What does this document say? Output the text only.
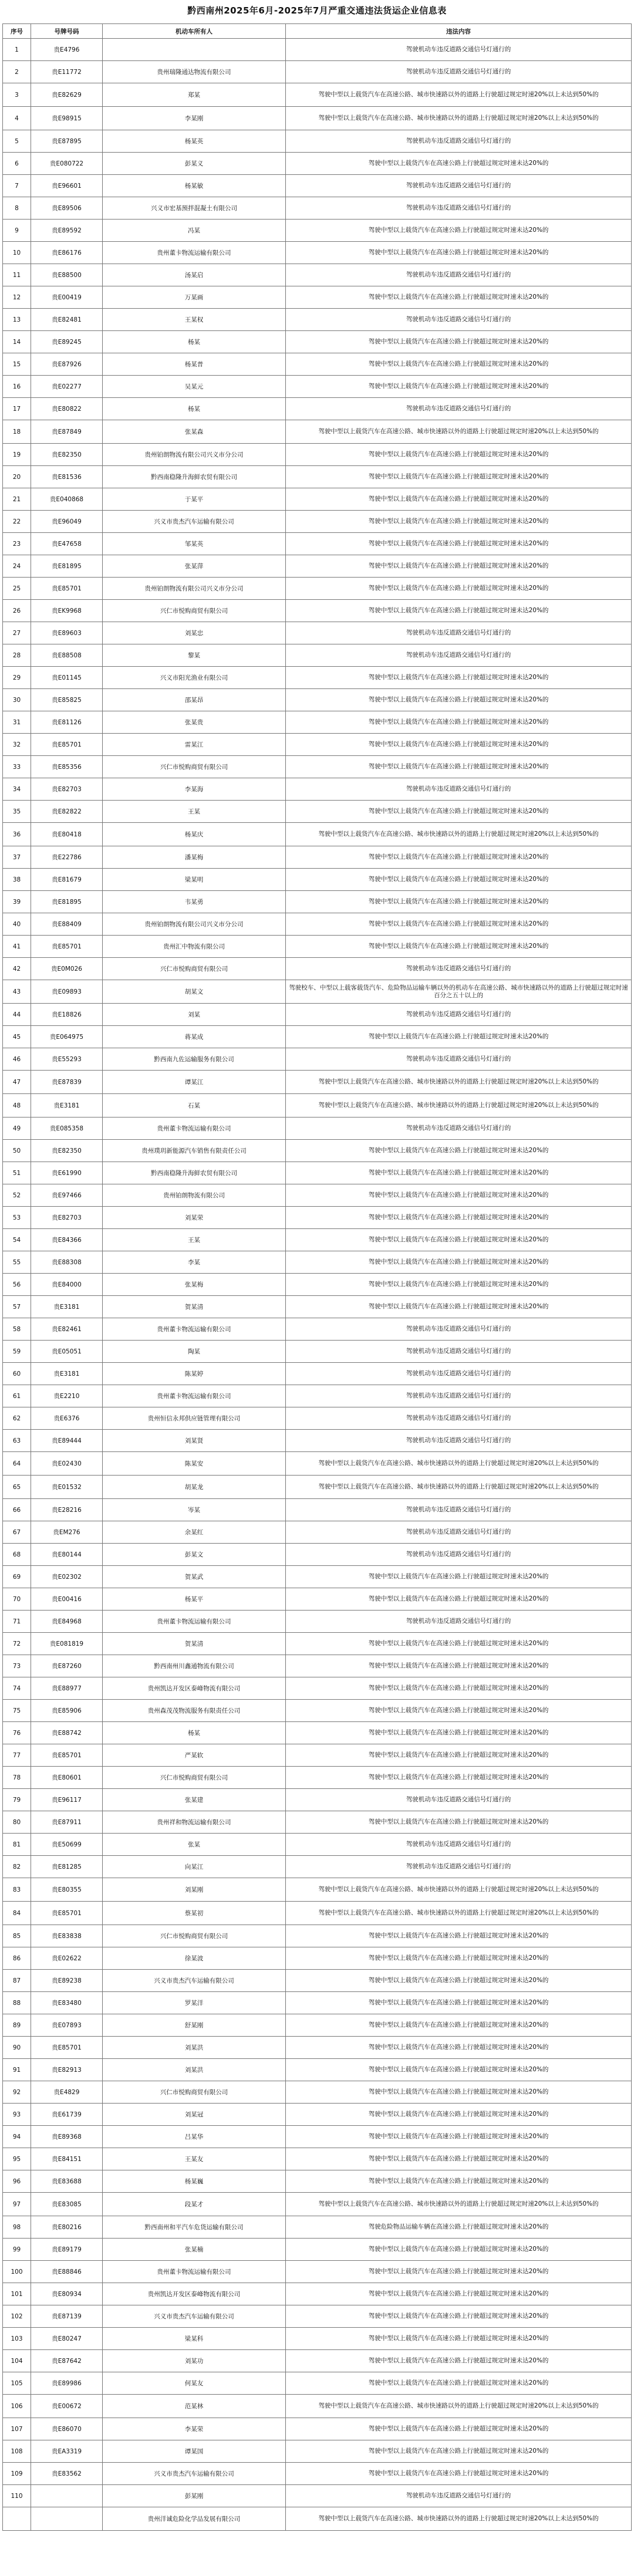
黔西南州2025年6月-2025年7月严重交通违法货运企业信息表
序号	号牌号码	机动车所有人	违法内容
1	贵E4796		驾驶机动车违反道路交通信号灯通行的
2	贵E11772	贵州瑞隆通达物流有限公司	驾驶机动车违反道路交通信号灯通行的
3	贵E82629	郑某	驾驶中型以上载货汽车在高速公路、城市快速路以外的道路上行驶超过规定时速20%以上未达到50%的
4	贵E98915	李某刚	驾驶中型以上载货汽车在高速公路、城市快速路以外的道路上行驶超过规定时速20%以上未达到50%的
5	贵E87895	杨某英	驾驶机动车违反道路交通信号灯通行的
6	贵E080722	彭某义	驾驶中型以上载货汽车在高速公路上行驶超过规定时速未达20%的
7	贵E96601	杨某敏	驾驶机动车违反道路交通信号灯通行的
8	贵E89506	兴义市宏基预拌混凝土有限公司	驾驶机动车违反道路交通信号灯通行的
9	贵E89592	冯某	驾驶中型以上载货汽车在高速公路上行驶超过规定时速未达20%的
10	贵E86176	贵州董卡物流运输有限公司	驾驶中型以上载货汽车在高速公路上行驶超过规定时速未达20%的
11	贵E88500	汤某启	驾驶机动车违反道路交通信号灯通行的
12	贵E00419	万某画	驾驶中型以上载货汽车在高速公路上行驶超过规定时速未达20%的
13	贵E82481	王某权	驾驶机动车违反道路交通信号灯通行的
14	贵E89245	杨某	驾驶中型以上载货汽车在高速公路上行驶超过规定时速未达20%的
15	贵E87926	杨某普	驾驶中型以上载货汽车在高速公路上行驶超过规定时速未达20%的
16	贵E02277	吴某元	驾驶中型以上载货汽车在高速公路上行驶超过规定时速未达20%的
17	贵E80822	杨某	驾驶机动车违反道路交通信号灯通行的
18	贵E87849	张某森	驾驶中型以上载货汽车在高速公路、城市快速路以外的道路上行驶超过规定时速20%以上未达到50%的
19	贵E82350	贵州铂朗物流有限公司兴义市分公司	驾驶中型以上载货汽车在高速公路上行驶超过规定时速未达20%的
20	贵E81536	黔西南稳隆升海鲜农贸有限公司	驾驶中型以上载货汽车在高速公路上行驶超过规定时速未达20%的
21	贵E040868	于某平	驾驶中型以上载货汽车在高速公路上行驶超过规定时速未达20%的
22	贵E96049	兴义市贵杰汽车运输有限公司	驾驶中型以上载货汽车在高速公路上行驶超过规定时速未达20%的
23	贵E47658	邹某英	驾驶中型以上载货汽车在高速公路上行驶超过规定时速未达20%的
24	贵E81895	张某萍	驾驶中型以上载货汽车在高速公路上行驶超过规定时速未达20%的
25	贵E85701	贵州铂朗物流有限公司兴义市分公司	驾驶中型以上载货汽车在高速公路上行驶超过规定时速未达20%的
26	贵EK9968	兴仁市悦购商贸有限公司	驾驶中型以上载货汽车在高速公路上行驶超过规定时速未达20%的
27	贵E89603	刘某忠	驾驶机动车违反道路交通信号灯通行的
28	贵E88508	黎某	驾驶机动车违反道路交通信号灯通行的
29	贵E01145	兴义市阳光渔业有限公司	驾驶中型以上载货汽车在高速公路上行驶超过规定时速未达20%的
30	贵E85825	邵某昂	驾驶中型以上载货汽车在高速公路上行驶超过规定时速未达20%的
31	贵E81126	张某贵	驾驶中型以上载货汽车在高速公路上行驶超过规定时速未达20%的
32	贵E85701	雷某江	驾驶中型以上载货汽车在高速公路上行驶超过规定时速未达20%的
33	贵E85356	兴仁市悦购商贸有限公司	驾驶中型以上载货汽车在高速公路上行驶超过规定时速未达20%的
34	贵E82703	李某海	驾驶机动车违反道路交通信号灯通行的
35	贵E82822	王某	驾驶中型以上载货汽车在高速公路上行驶超过规定时速未达20%的
36	贵E80418	杨某庆	驾驶中型以上载货汽车在高速公路、城市快速路以外的道路上行驶超过规定时速20%以上未达到50%的
37	贵E22786	潘某梅	驾驶中型以上载货汽车在高速公路上行驶超过规定时速未达20%的
38	贵E81679	梁某明	驾驶中型以上载货汽车在高速公路上行驶超过规定时速未达20%的
39	贵E81895	韦某勇	驾驶中型以上载货汽车在高速公路上行驶超过规定时速未达20%的
40	贵E88409	贵州铂朗物流有限公司兴义市分公司	驾驶中型以上载货汽车在高速公路上行驶超过规定时速未达20%的
41	贵E85701	贵州汇中物流有限公司	驾驶中型以上载货汽车在高速公路上行驶超过规定时速未达20%的
42	贵E0M026	兴仁市悦购商贸有限公司	驾驶机动车违反道路交通信号灯通行的
43	贵E09893	胡某文	驾驶校车、中型以上载客载货汽车、危险物品运输车辆以外的机动车在高速公路、城市快速路以外的道路上行驶超过规定时速百分之五十以上的
44	贵E18826	刘某	驾驶机动车违反道路交通信号灯通行的
45	贵E064975	蒋某成	驾驶中型以上载货汽车在高速公路上行驶超过规定时速未达20%的
46	贵E55293	黔西南九佐运输服务有限公司	驾驶机动车违反道路交通信号灯通行的
47	贵E87839	谭某江	驾驶中型以上载货汽车在高速公路、城市快速路以外的道路上行驶超过规定时速20%以上未达到50%的
48	贵E3181	石某	驾驶中型以上载货汽车在高速公路、城市快速路以外的道路上行驶超过规定时速20%以上未达到50%的
49	贵E085358	贵州董卡物流运输有限公司	驾驶机动车违反道路交通信号灯通行的
50	贵E82350	贵州璞玥新能源汽车销售有限责任公司	驾驶中型以上载货汽车在高速公路上行驶超过规定时速未达20%的
51	贵E61990	黔西南稳隆升海鲜农贸有限公司	驾驶中型以上载货汽车在高速公路上行驶超过规定时速未达20%的
52	贵E97466	贵州铂朗物流有限公司	驾驶中型以上载货汽车在高速公路上行驶超过规定时速未达20%的
53	贵E82703	刘某荣	驾驶中型以上载货汽车在高速公路上行驶超过规定时速未达20%的
54	贵E84366	王某	驾驶中型以上载货汽车在高速公路上行驶超过规定时速未达20%的
55	贵E88308	李某	驾驶中型以上载货汽车在高速公路上行驶超过规定时速未达20%的
56	贵E84000	张某梅	驾驶中型以上载货汽车在高速公路上行驶超过规定时速未达20%的
57	贵E3181	贺某清	驾驶中型以上载货汽车在高速公路上行驶超过规定时速未达20%的
58	贵E82461	贵州董卡物流运输有限公司	驾驶机动车违反道路交通信号灯通行的
59	贵E05051	陶某	驾驶机动车违反道路交通信号灯通行的
60	贵E3181	陈某婷	驾驶机动车违反道路交通信号灯通行的
61	贵E2210	贵州董卡物流运输有限公司	驾驶机动车违反道路交通信号灯通行的
62	贵E6376	贵州恒信永邦供应链管理有限公司	驾驶机动车违反道路交通信号灯通行的
63	贵E89444	刘某贤	驾驶机动车违反道路交通信号灯通行的
64	贵E02430	陈某安	驾驶中型以上载货汽车在高速公路、城市快速路以外的道路上行驶超过规定时速20%以上未达到50%的
65	贵E01532	胡某龙	驾驶中型以上载货汽车在高速公路、城市快速路以外的道路上行驶超过规定时速20%以上未达到50%的
66	贵E28216	岑某	驾驶机动车违反道路交通信号灯通行的
67	贵EM276	余某红	驾驶机动车违反道路交通信号灯通行的
68	贵E80144	彭某文	驾驶机动车违反道路交通信号灯通行的
69	贵E02302	贺某武	驾驶中型以上载货汽车在高速公路上行驶超过规定时速未达20%的
70	贵E00416	杨某平	驾驶中型以上载货汽车在高速公路上行驶超过规定时速未达20%的
71	贵E84968	贵州董卡物流运输有限公司	驾驶机动车违反道路交通信号灯通行的
72	贵E081819	贺某清	驾驶中型以上载货汽车在高速公路上行驶超过规定时速未达20%的
73	贵E87260	黔西南州川鑫通物流有限公司	驾驶中型以上载货汽车在高速公路上行驶超过规定时速未达20%的
74	贵E88977	贵州凯达开发区泰峰物流有限公司	驾驶中型以上载货汽车在高速公路上行驶超过规定时速未达20%的
75	贵E85906	贵州森茂茂物流服务有限责任公司	驾驶中型以上载货汽车在高速公路上行驶超过规定时速未达20%的
76	贵E88742	杨某	驾驶中型以上载货汽车在高速公路上行驶超过规定时速未达20%的
77	贵E85701	严某软	驾驶中型以上载货汽车在高速公路上行驶超过规定时速未达20%的
78	贵E80601	兴仁市悦购商贸有限公司	驾驶中型以上载货汽车在高速公路上行驶超过规定时速未达20%的
79	贵E96117	张某建	驾驶机动车违反道路交通信号灯通行的
80	贵E87911	贵州祥和物流运输有限公司	驾驶中型以上载货汽车在高速公路上行驶超过规定时速未达20%的
81	贵E50699	张某	驾驶机动车违反道路交通信号灯通行的
82	贵E81285	向某江	驾驶机动车违反道路交通信号灯通行的
83	贵E80355	刘某刚	驾驶中型以上载货汽车在高速公路、城市快速路以外的道路上行驶超过规定时速20%以上未达到50%的
84	贵E85701	蔡某初	驾驶中型以上载货汽车在高速公路、城市快速路以外的道路上行驶超过规定时速20%以上未达到50%的
85	贵E83838	兴仁市悦购商贸有限公司	驾驶中型以上载货汽车在高速公路上行驶超过规定时速未达20%的
86	贵E02622	徐某波	驾驶中型以上载货汽车在高速公路上行驶超过规定时速未达20%的
87	贵E89238	兴义市贵杰汽车运输有限公司	驾驶中型以上载货汽车在高速公路上行驶超过规定时速未达20%的
88	贵E83480	罗某洋	驾驶中型以上载货汽车在高速公路上行驶超过规定时速未达20%的
89	贵E07893	舒某刚	驾驶中型以上载货汽车在高速公路上行驶超过规定时速未达20%的
90	贵E85701	刘某洪	驾驶中型以上载货汽车在高速公路上行驶超过规定时速未达20%的
91	贵E82913	刘某洪	驾驶中型以上载货汽车在高速公路上行驶超过规定时速未达20%的
92	贵E4829	兴仁市悦购商贸有限公司	驾驶中型以上载货汽车在高速公路上行驶超过规定时速未达20%的
93	贵E61739	刘某冠	驾驶中型以上载货汽车在高速公路上行驶超过规定时速未达20%的
94	贵E89368	吕某华	驾驶中型以上载货汽车在高速公路上行驶超过规定时速未达20%的
95	贵E84151	王某友	驾驶中型以上载货汽车在高速公路上行驶超过规定时速未达20%的
96	贵E83688	杨某巍	驾驶中型以上载货汽车在高速公路上行驶超过规定时速未达20%的
97	贵E83085	段某才	驾驶中型以上载货汽车在高速公路、城市快速路以外的道路上行驶超过规定时速20%以上未达到50%的
98	贵E80216	黔西南州和平汽车危货运输有限公司	驾驶危险物品运输车辆在高速公路上行驶超过规定时速未达20%的
99	贵E89179	张某楠	驾驶中型以上载货汽车在高速公路上行驶超过规定时速未达20%的
100	贵E88846	贵州董卡物流运输有限公司	驾驶中型以上载货汽车在高速公路上行驶超过规定时速未达20%的
101	贵E80934	贵州凯达开发区泰峰物流有限公司	驾驶中型以上载货汽车在高速公路上行驶超过规定时速未达20%的
102	贵E87139	兴义市贵杰汽车运输有限公司	驾驶中型以上载货汽车在高速公路上行驶超过规定时速未达20%的
103	贵E80247	梁某科	驾驶中型以上载货汽车在高速公路上行驶超过规定时速未达20%的
104	贵E87642	刘某功	驾驶中型以上载货汽车在高速公路上行驶超过规定时速未达20%的
105	贵E89986	何某友	驾驶中型以上载货汽车在高速公路上行驶超过规定时速未达20%的
106	贵E00672	范某林	驾驶中型以上载货汽车在高速公路、城市快速路以外的道路上行驶超过规定时速20%以上未达到50%的
107	贵E86070	李某荣	驾驶中型以上载货汽车在高速公路上行驶超过规定时速未达20%的
108	贵EA3319	谭某国	驾驶中型以上载货汽车在高速公路上行驶超过规定时速未达20%的
109	贵E83562	兴义市贵杰汽车运输有限公司	驾驶中型以上载货汽车在高速公路上行驶超过规定时速未达20%的
110		彭某刚	驾驶机动车违反道路交通信号灯通行的
		贵州洋诚危险化学品发展有限公司	驾驶中型以上载货汽车在高速公路、城市快速路以外的道路上行驶超过规定时速20%以上未达到50%的
